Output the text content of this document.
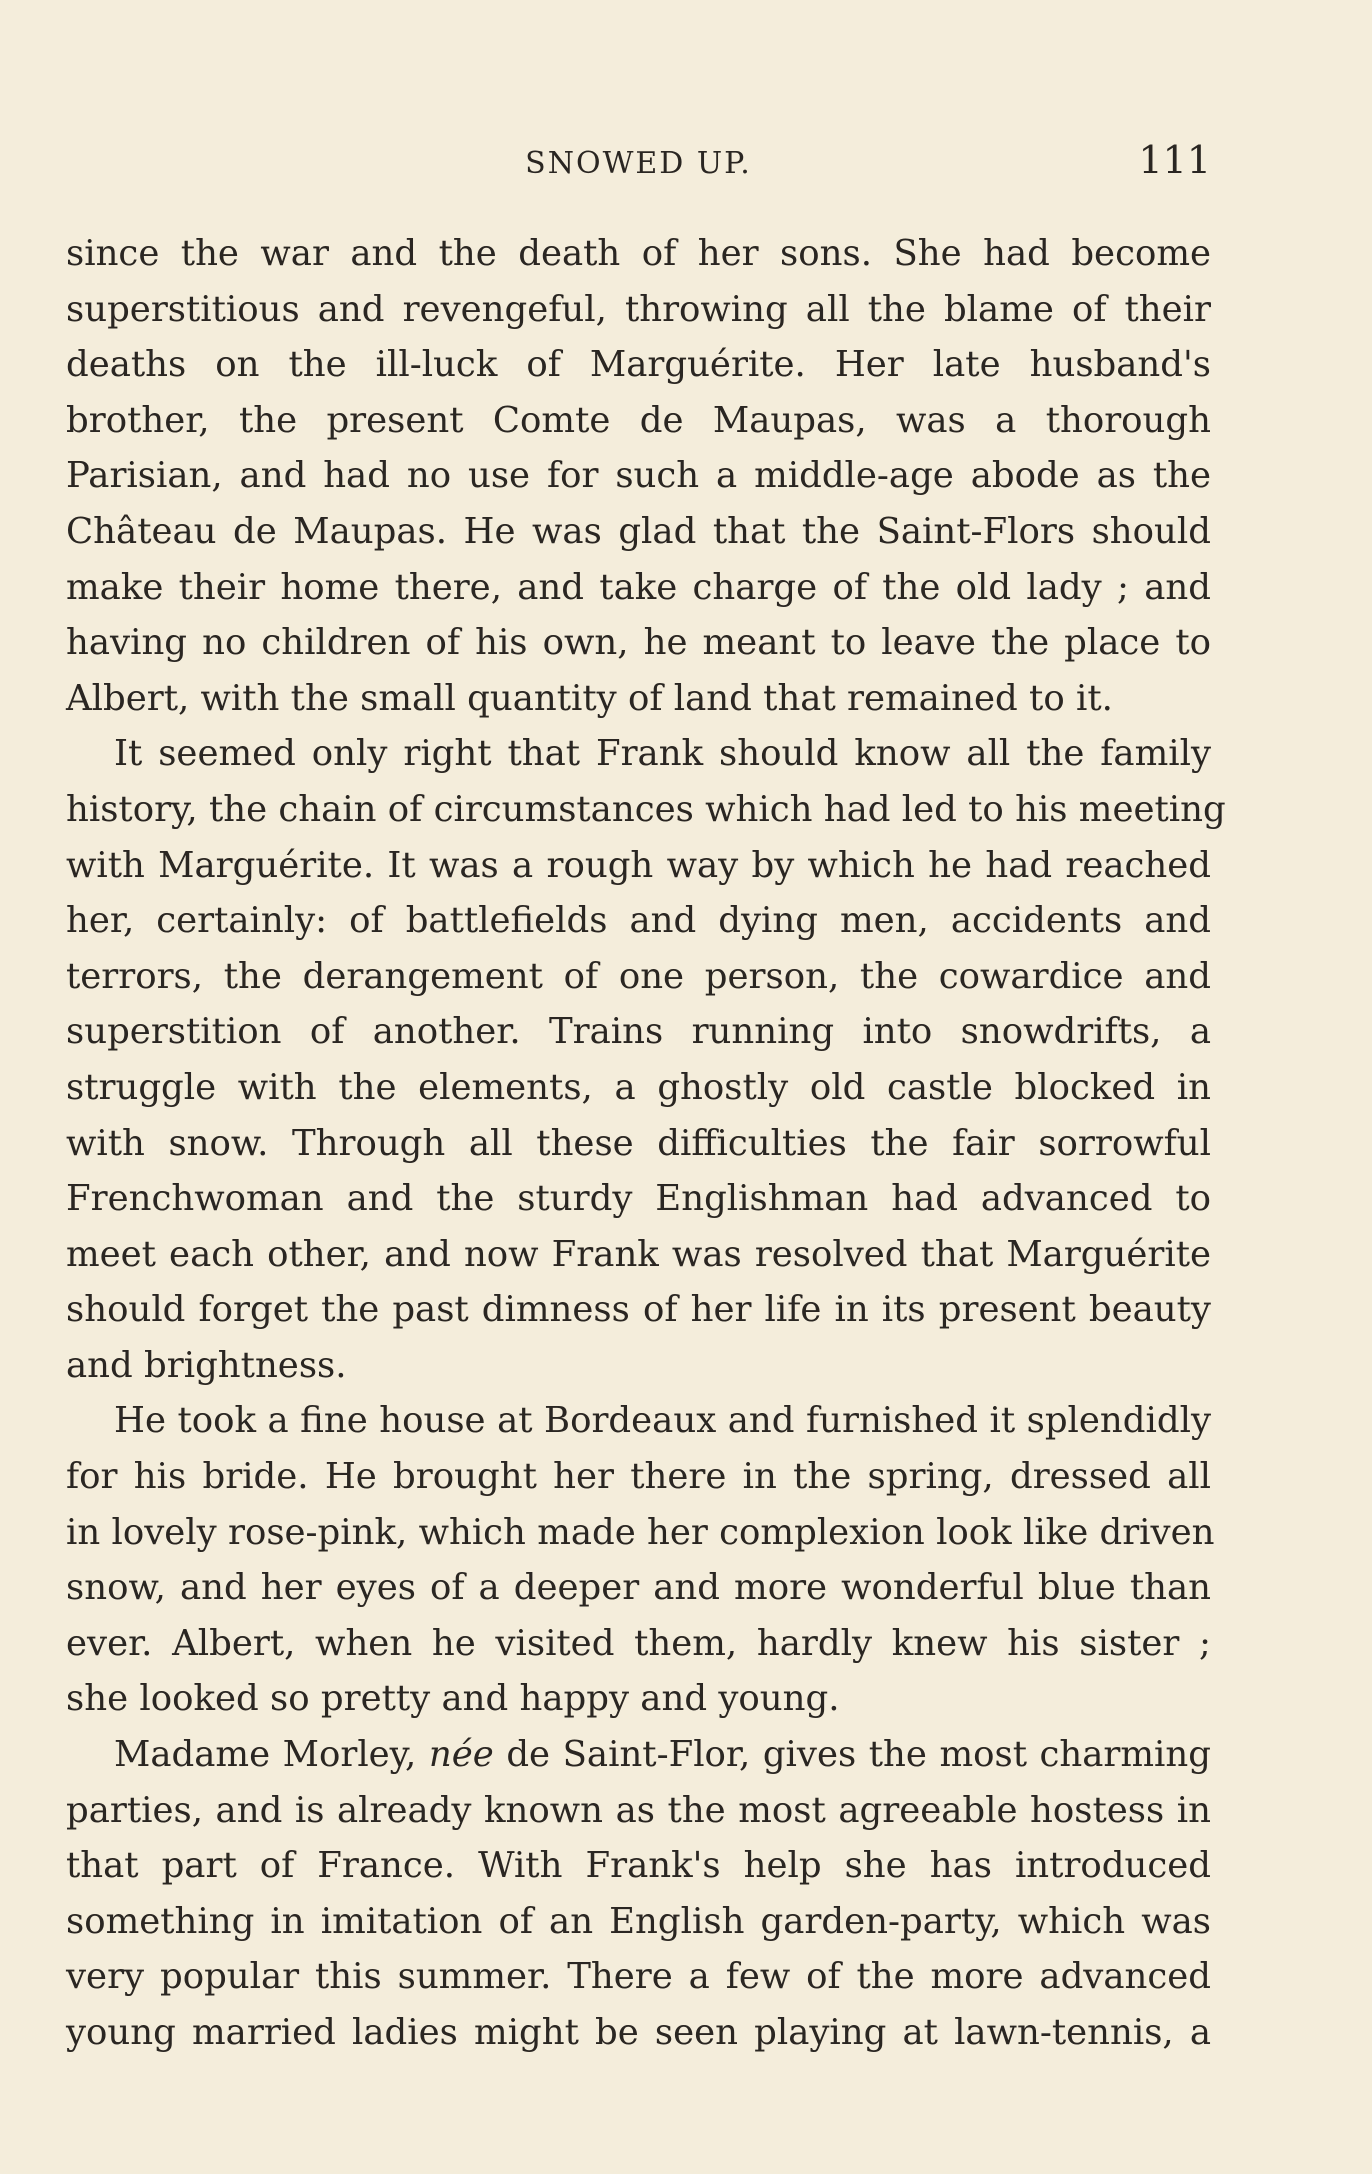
SNOWED UP.	111
since the war and the death of her sons. She had become
superstitious and revengeful, throwing all the blame of their
deaths on the ill-luck of Marguérite. Her late husband's
brother, the present Comte de Maupas, was a thorough
Parisian, and had no use for such a middle-age abode as the
Château de Maupas. He was glad that the Saint-Flors should
make their home there, and take charge of the old lady ; and
having no children of his own, he meant to leave the place to
Albert, with the small quantity of land that remained to it.
It seemed only right that Frank should know all the family
history, the chain of circumstances which had led to his meeting
with Marguérite. It was a rough way by which he had reached
her, certainly: of battlefields and dying men, accidents and
terrors, the derangement of one person, the cowardice and
superstition of another. Trains running into snowdrifts, a
struggle with the elements, a ghostly old castle blocked in
with snow. Through all these difficulties the fair sorrowful
Frenchwoman and the sturdy Englishman had advanced to
meet each other, and now Frank was resolved that Marguérite
should forget the past dimness of her life in its present beauty
and brightness.
He took a fine house at Bordeaux and furnished it splendidly
for his bride. He brought her there in the spring, dressed all
in lovely rose-pink, which made her complexion look like driven
snow, and her eyes of a deeper and more wonderful blue than
ever. Albert, when he visited them, hardly knew his sister ;
she looked so pretty and happy and young.
Madame Morley, née de Saint-Flor, gives the most charming
parties, and is already known as the most agreeable hostess in
that part of France. With Frank's help she has introduced
something in imitation of an English garden-party, which was
very popular this summer. There a few of the more advanced
young married ladies might be seen playing at lawn-tennis, a
